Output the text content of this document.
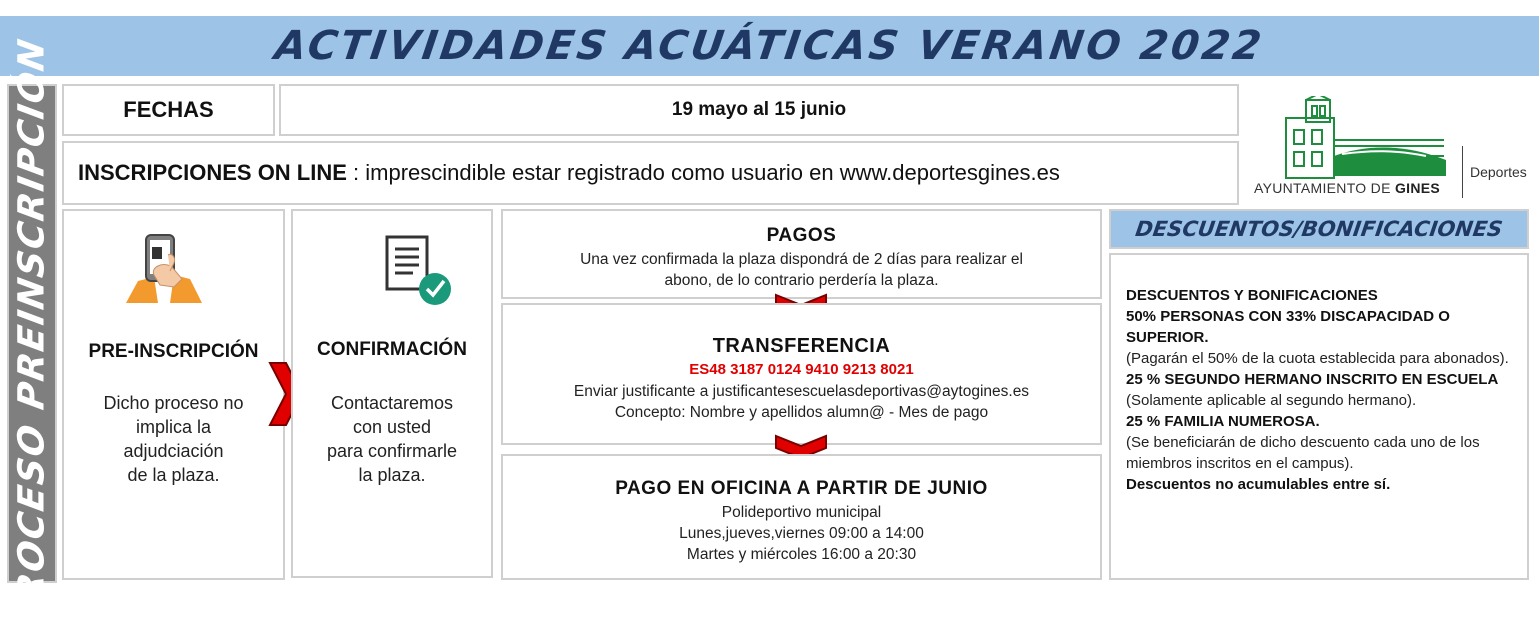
ACTIVIDADES ACUÁTICAS VERANO 2022
PROCESO PREINSCRIPCIÓN	FECHAS	19 mayo al 15 junio
INSCRIPCIONES ON LINE : imprescindible estar registrado como usuario en www.deportesgines.es
AYUNTAMIENTO DE GINES
Deportes
PRE-INSCRIPCIÓN
Dicho proceso no
implica la
adjudciación
de la plaza.
CONFIRMACIÓN
Contactaremos
con usted
para confirmarle
la plaza.
PAGOS
Una vez confirmada la plaza dispondrá de 2 días para realizar el
abono, de lo contrario perdería la plaza.
TRANSFERENCIA
ES48 3187 0124 9410 9213 8021
Enviar justificante a justificantesescuelasdeportivas@aytogines.es
Concepto: Nombre y apellidos alumn@ - Mes de pago
PAGO EN OFICINA A PARTIR DE JUNIO
Polideportivo municipal
Lunes,jueves,viernes 09:00 a 14:00
Martes y miércoles 16:00 a 20:30
DESCUENTOS/BONIFICACIONES
DESCUENTOS Y BONIFICACIONES
50% PERSONAS CON 33% DISCAPACIDAD O SUPERIOR.
(Pagarán el 50% de la cuota establecida para abonados).
25 % SEGUNDO HERMANO INSCRITO EN ESCUELA
(Solamente aplicable al segundo hermano).
25 % FAMILIA NUMEROSA.
(Se beneficiarán de dicho descuento cada uno de los miembros inscritos en el campus).
Descuentos no acumulables entre sí.
